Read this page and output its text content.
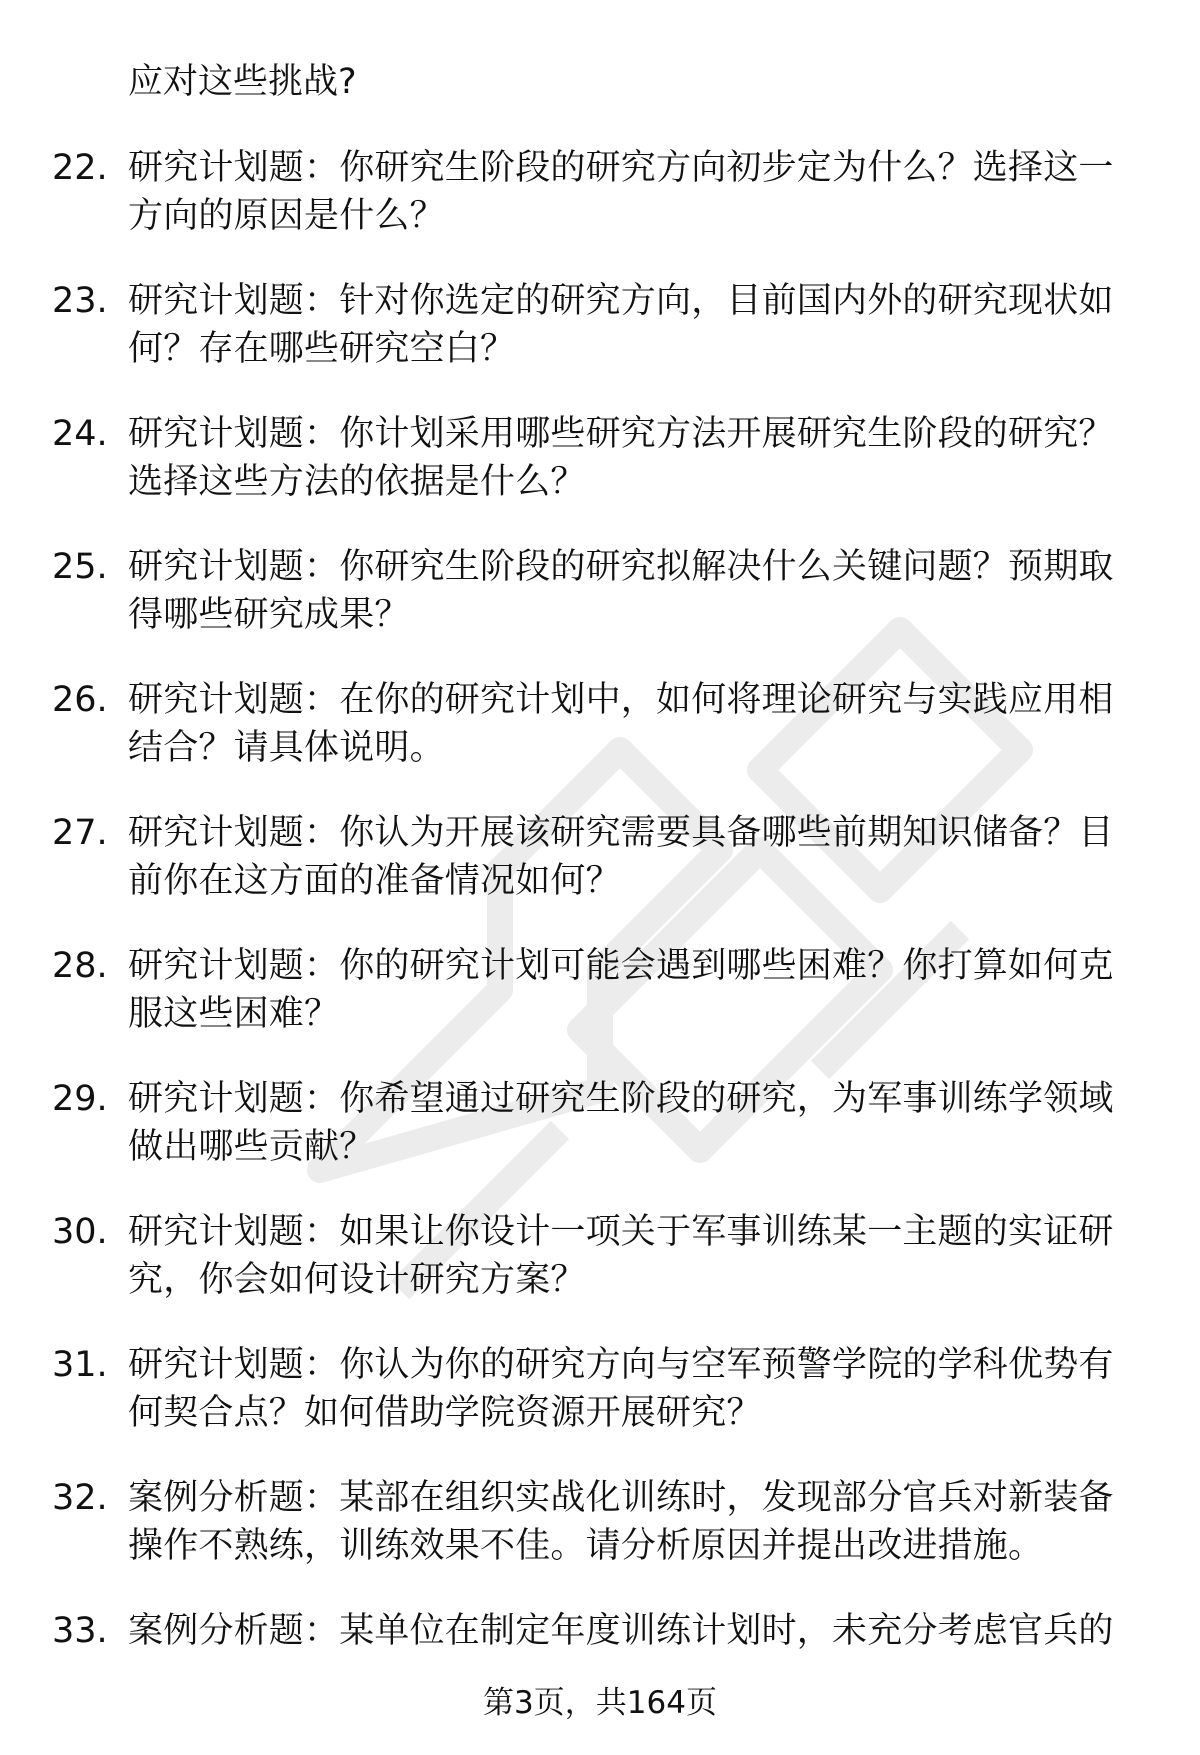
应对这些挑战?
22. 研究计划题：你研究生阶段的研究方向初步定为什么？选择这一方向的原因是什么？
23. 研究计划题：针对你选定的研究方向，目前国内外的研究现状如何？存在哪些研究空白？
24. 研究计划题：你计划采用哪些研究方法开展研究生阶段的研究？选择这些方法的依据是什么？
25. 研究计划题：你研究生阶段的研究拟解决什么关键问题？预期取得哪些研究成果？
26. 研究计划题：在你的研究计划中，如何将理论研究与实践应用相结合？请具体说明。
27. 研究计划题：你认为开展该研究需要具备哪些前期知识储备？目前你在这方面的准备情况如何？
28. 研究计划题：你的研究计划可能会遇到哪些困难？你打算如何克服这些困难？
29. 研究计划题：你希望通过研究生阶段的研究，为军事训练学领域做出哪些贡献？
30. 研究计划题：如果让你设计一项关于军事训练某一主题的实证研究，你会如何设计研究方案？
31. 研究计划题：你认为你的研究方向与空军预警学院的学科优势有何契合点？如何借助学院资源开展研究？
32. 案例分析题：某部在组织实战化训练时，发现部分官兵对新装备操作不熟练，训练效果不佳。请分析原因并提出改进措施。
33. 案例分析题：某单位在制定年度训练计划时，未充分考虑官兵的
第3页，共164页
